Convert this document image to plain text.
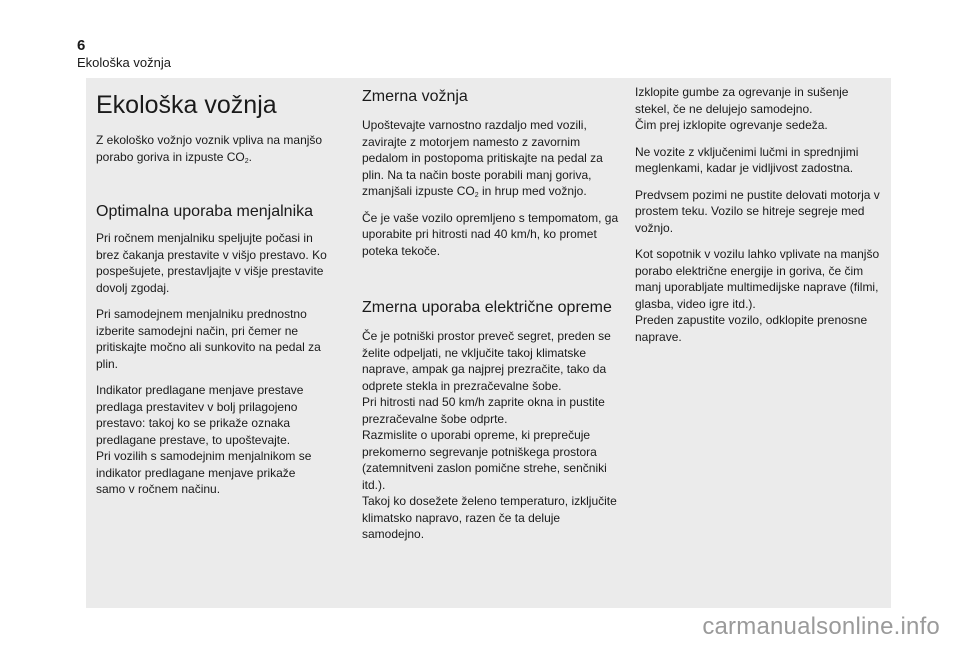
6
Ekološka vožnja
Ekološka vožnja

Z ekološko vožnjo voznik vpliva na manjšo porabo goriva in izpuste $CO_2$.

Optimalna uporaba menjalnika

Pri ročnem menjalniku speljujte počasi in brez čakanja prestavite v višjo prestavo. Ko pospešujete, prestavljajte v višje prestavite dovolj zgodaj.

Pri samodejnem menjalniku prednostno izberite samodejni način, pri čemer ne pritiskajte močno ali sunkovito na pedal za plin.

Indikator predlagane menjave prestave predlaga prestavitev v bolj prilagojeno prestavo: takoj ko se prikaže oznaka predlagane prestave, to upoštevajte.

Pri vozilih s samodejnim menjalnikom se indikator predlagane menjave prikaže samo v ročnem načinu.

Zmerna vožnja

Upoštevajte varnostno razdaljo med vozili, zavirajte z motorjem namesto z zavornim pedalom in postopoma pritiskajte na pedal za plin. Na ta način boste porabili manj goriva, zmanjšali izpuste $CO_2$ in hrup med vožnjo.

Če je vaše vozilo opremljeno s tempomatom, ga uporabite pri hitrosti nad 40 km/h, ko promet poteka tekoče.

Zmerna uporaba električne opreme

Če je potniški prostor preveč segret, preden se želite odpeljati, ne vključite takoj klimatske naprave, ampak ga najprej prezračite, tako da odprete stekla in prezračevalne šobe.

Pri hitrosti nad 50 km/h zaprite okna in pustite prezračevalne šobe odprte.

Razmislite o uporabi opreme, ki preprečuje prekomerno segrevanje potniškega prostora (zatemnitveni zaslon pomične strehe, senčniki itd.).

Takoj ko dosežete želeno temperaturo, izključite klimatsko napravo, razen če ta deluje samodejno.

Izklopite gumbe za ogrevanje in sušenje stekel, če ne delujejo samodejno.

Čim prej izklopite ogrevanje sedeža.

Ne vozite z vključenimi lučmi in sprednjimi meglenkami, kadar je vidljivost zadostna.

Predvsem pozimi ne pustite delovati motorja v prostem teku. Vozilo se hitreje segreje med vožnjo.

Kot sopotnik v vozilu lahko vplivate na manjšo porabo električne energije in goriva, če čim manj uporabljate multimedijske naprave (filmi, glasba, video igre itd.).

Preden zapustite vozilo, odklopite prenosne naprave.

carmanualsonline.info
